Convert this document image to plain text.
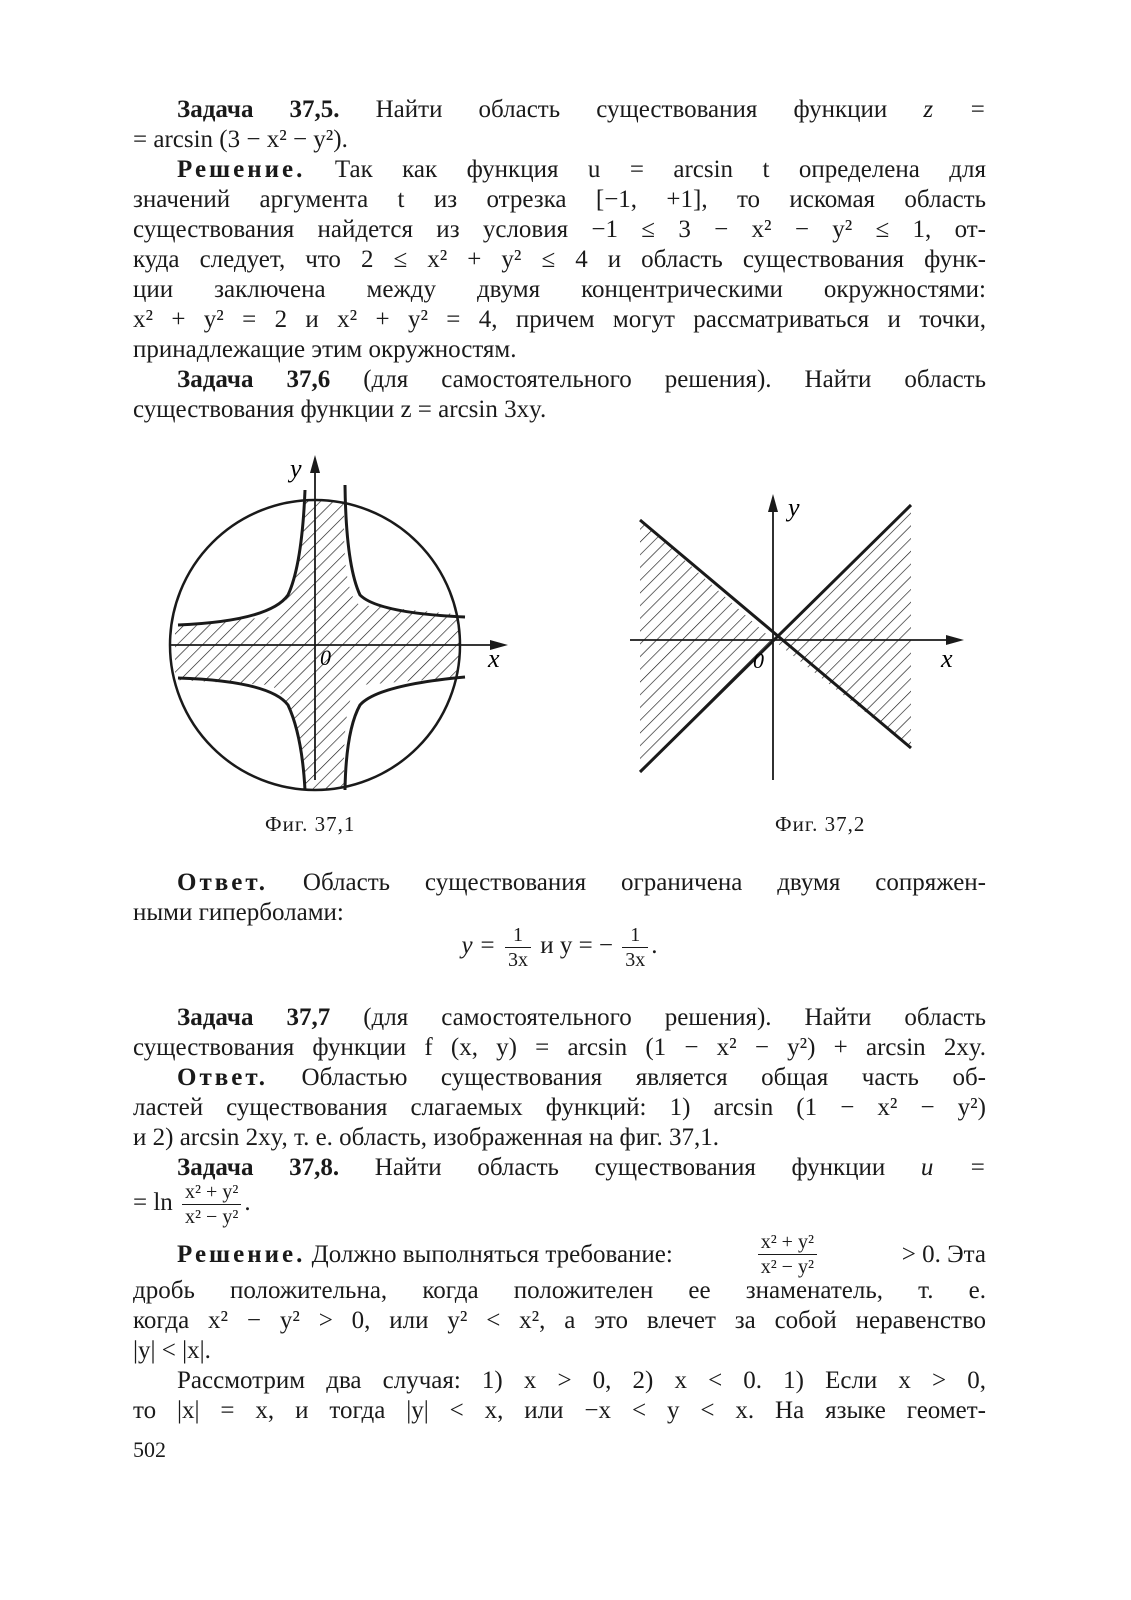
Задача 37,5. Найти область существования функции z =
= arcsin (3 − x² − y²).
Решение. Так как функция u = arcsin t определена для
значений аргумента t из отрезка [−1, +1], то искомая область
существования найдется из условия −1 ≤ 3 − x² − y² ≤ 1, от-
куда следует, что 2 ≤ x² + y² ≤ 4 и область существования функ-
ции заключена между двумя концентрическими окружностями:
x² + y² = 2 и x² + y² = 4, причем могут рассматриваться и точки,
принадлежащие этим окружностям.
Задача 37,6 (для самостоятельного решения). Найти область
существования функции z = arcsin 3xy.
y
x
0
Фиг. 37,1
y
x
0
Фиг. 37,2
Ответ. Область существования ограничена двумя сопряжен-
ными гиперболами:
$y = \frac{1}{3x}$ и y = − $\frac{1}{3x}$ .
Задача 37,7 (для самостоятельного решения). Найти область
существования функции f (x, y) = arcsin (1 − x² − y²) + arcsin 2xy.
Ответ. Областью существования является общая часть об-
ластей существования слагаемых функций: 1) arcsin (1 − x² − y²)
и 2) arcsin 2xy, т. е. область, изображенная на фиг. 37,1.
Задача 37,8. Найти область существования функции u =
= $\ln \frac{\text{x² + y²}}{\text{x² − y²}}$ .
Решение. Должно выполняться требование:	$\frac{\text{x² + y²}}{\text{x² − y²}}$	> 0. Эта
дробь положительна, когда положителен ее знаменатель, т. е.
когда x² − y² > 0, или y² < x², а это влечет за собой неравенство
|y| < |x|.
Рассмотрим два случая: 1) x > 0, 2) x < 0. 1) Если x > 0,
то |x| = x, и тогда |y| < x, или −x < y < x. На языке геомет-
502
